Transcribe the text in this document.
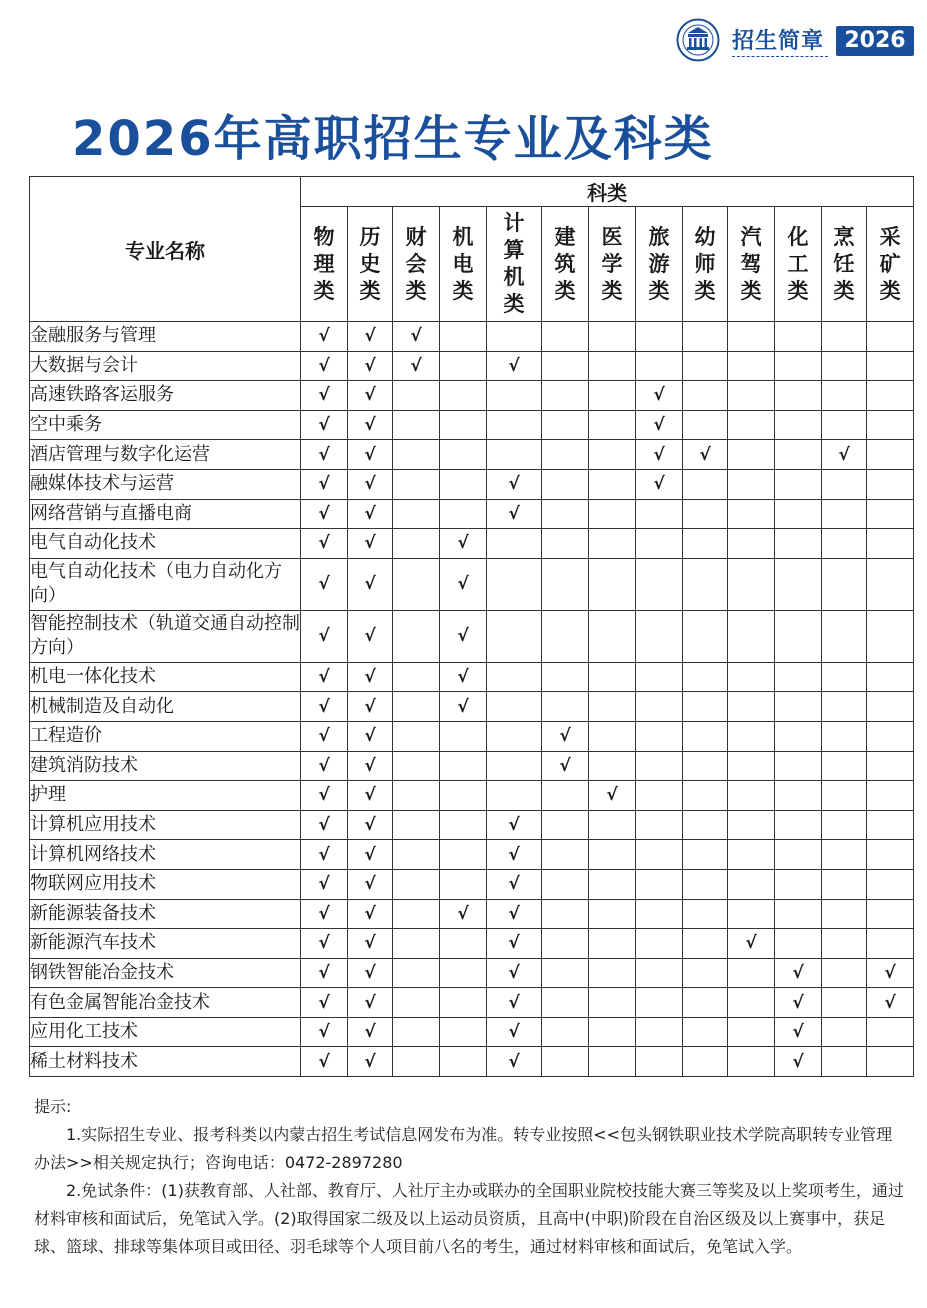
招生简章 2026
2026年高职招生专业及科类
专业名称	科类												
	物理类	历史类	财会类	机电类	计算机类	建筑类	医学类	旅游类	幼师类	汽驾类	化工类	烹饪类	采矿类
金融服务与管理	√	√	√										
大数据与会计	√	√	√		√								
高速铁路客运服务	√	√						√					
空中乘务	√	√						√					
酒店管理与数字化运营	√	√						√	√			√	
融媒体技术与运营	√	√			√			√					
网络营销与直播电商	√	√			√								
电气自动化技术	√	√		√									
电气自动化技术（电力自动化方向）	√	√		√									
智能控制技术（轨道交通自动控制方向）	√	√		√									
机电一体化技术	√	√		√									
机械制造及自动化	√	√		√									
工程造价	√	√				√							
建筑消防技术	√	√				√							
护理	√	√					√						
计算机应用技术	√	√			√								
计算机网络技术	√	√			√								
物联网应用技术	√	√			√								
新能源装备技术	√	√		√	√								
新能源汽车技术	√	√			√					√			
钢铁智能冶金技术	√	√			√						√		√
有色金属智能冶金技术	√	√			√						√		√
应用化工技术	√	√			√						√		
稀土材料技术	√	√			√						√		

提示:

1.实际招生专业、报考科类以内蒙古招生考试信息网发布为准。转专业按照<<包头钢铁职业技术学院高职转专业管理办法>>相关规定执行；咨询电话：0472-2897280

2.免试条件：(1)获教育部、人社部、教育厅、人社厅主办或联办的全国职业院校技能大赛三等奖及以上奖项考生，通过材料审核和面试后，免笔试入学。(2)取得国家二级及以上运动员资质，且高中(中职)阶段在自治区级及以上赛事中，获足球、篮球、排球等集体项目或田径、羽毛球等个人项目前八名的考生，通过材料审核和面试后，免笔试入学。
